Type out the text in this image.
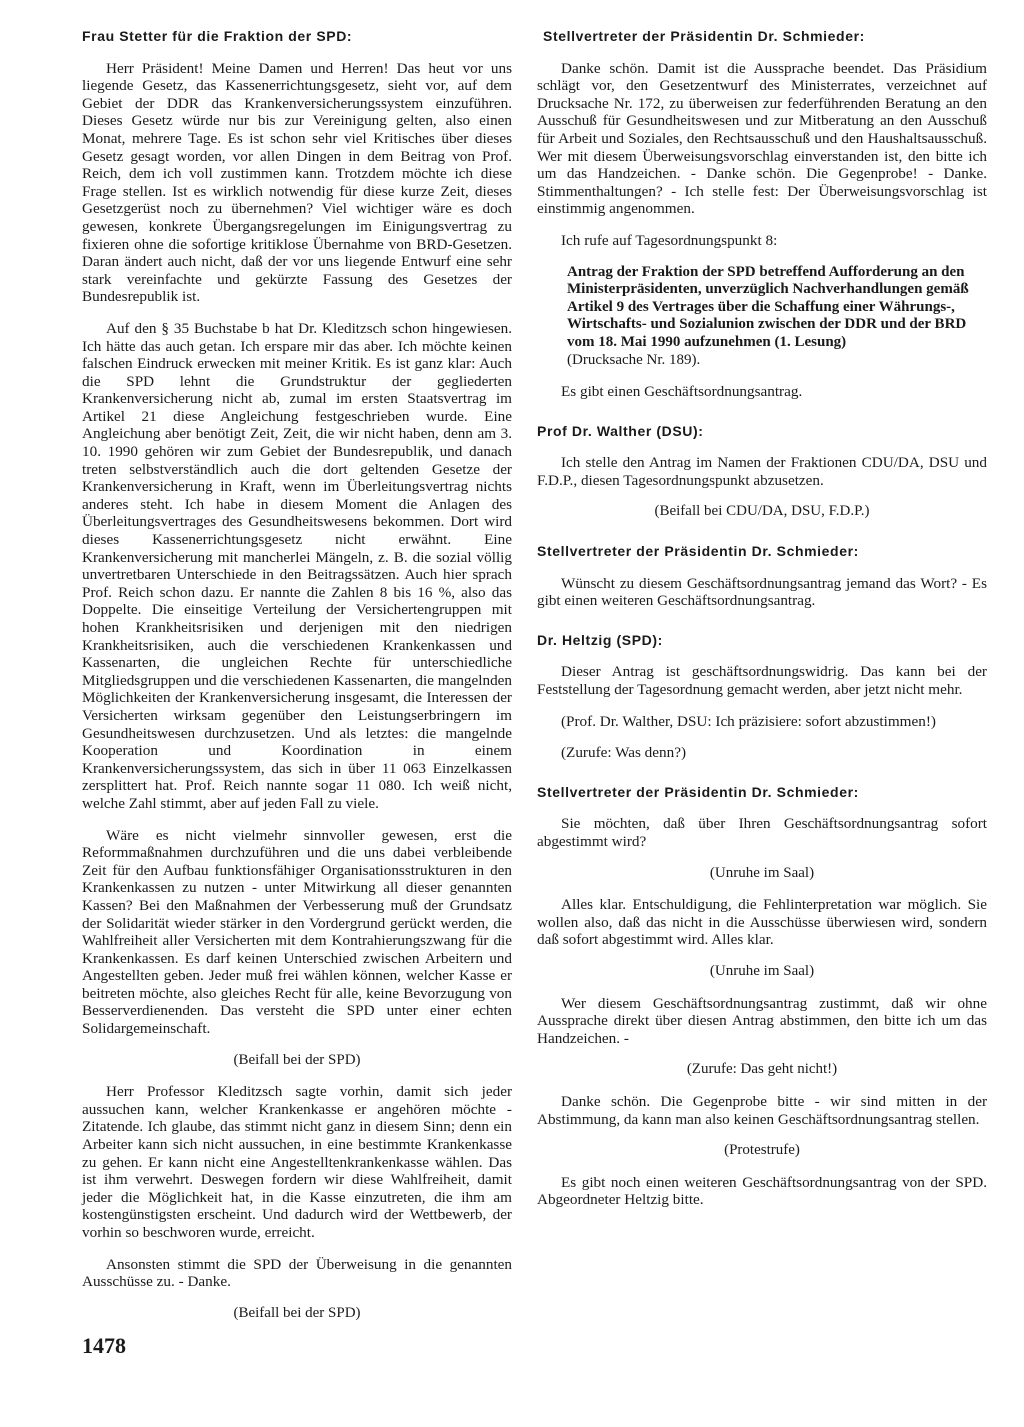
Frau Stetter für die Fraktion der SPD:

Herr Präsident! Meine Damen und Herren! Das heut vor uns liegende Gesetz, das Kassenerrichtungsgesetz, sieht vor, auf dem Gebiet der DDR das Krankenversicherungssystem einzuführen. Dieses Gesetz würde nur bis zur Vereinigung gelten, also einen Monat, mehrere Tage. Es ist schon sehr viel Kritisches über dieses Gesetz gesagt worden, vor allen Dingen in dem Beitrag von Prof. Reich, dem ich voll zustimmen kann. Trotzdem möchte ich diese Frage stellen. Ist es wirklich notwendig für diese kurze Zeit, dieses Gesetzgerüst noch zu übernehmen? Viel wichtiger wäre es doch gewesen, konkrete Übergangsregelungen im Einigungsvertrag zu fixieren ohne die sofortige kritiklose Übernahme von BRD-Gesetzen. Daran ändert auch nicht, daß der vor uns liegende Entwurf eine sehr stark vereinfachte und gekürzte Fassung des Gesetzes der Bundesrepublik ist.

Auf den § 35 Buchstabe b hat Dr. Kleditzsch schon hingewiesen. Ich hätte das auch getan. Ich erspare mir das aber. Ich möchte keinen falschen Eindruck erwecken mit meiner Kritik. Es ist ganz klar: Auch die SPD lehnt die Grundstruktur der gegliederten Krankenversicherung nicht ab, zumal im ersten Staatsvertrag im Artikel 21 diese Angleichung festgeschrieben wurde. Eine Angleichung aber benötigt Zeit, Zeit, die wir nicht haben, denn am 3. 10. 1990 gehören wir zum Gebiet der Bundesrepublik, und danach treten selbstverständlich auch die dort geltenden Gesetze der Krankenversicherung in Kraft, wenn im Überleitungsvertrag nichts anderes steht. Ich habe in diesem Moment die Anlagen des Überleitungsvertrages des Gesundheitswesens bekommen. Dort wird dieses Kassenerrichtungsgesetz nicht erwähnt. Eine Krankenversicherung mit mancherlei Mängeln, z. B. die sozial völlig unvertretbaren Unterschiede in den Beitragssätzen. Auch hier sprach Prof. Reich schon dazu. Er nannte die Zahlen 8 bis 16 %, also das Doppelte. Die einseitige Verteilung der Versichertengruppen mit hohen Krankheitsrisiken und derjenigen mit den niedrigen Krankheitsrisiken, auch die verschiedenen Krankenkassen und Kassenarten, die ungleichen Rechte für unterschiedliche Mitgliedsgruppen und die verschiedenen Kassenarten, die mangelnden Möglichkeiten der Krankenversicherung insgesamt, die Interessen der Versicherten wirksam gegenüber den Leistungserbringern im Gesundheitswesen durchzusetzen. Und als letztes: die mangelnde Kooperation und Koordination in einem Krankenversicherungssystem, das sich in über 11 063 Einzelkassen zersplittert hat. Prof. Reich nannte sogar 11 080. Ich weiß nicht, welche Zahl stimmt, aber auf jeden Fall zu viele.

Wäre es nicht vielmehr sinnvoller gewesen, erst die Reformmaßnahmen durchzuführen und die uns dabei verbleibende Zeit für den Aufbau funktionsfähiger Organisationsstrukturen in den Krankenkassen zu nutzen - unter Mitwirkung all dieser genannten Kassen? Bei den Maßnahmen der Verbesserung muß der Grundsatz der Solidarität wieder stärker in den Vordergrund gerückt werden, die Wahlfreiheit aller Versicherten mit dem Kontrahierungszwang für die Krankenkassen. Es darf keinen Unterschied zwischen Arbeitern und Angestellten geben. Jeder muß frei wählen können, welcher Kasse er beitreten möchte, also gleiches Recht für alle, keine Bevorzugung von Besserverdienenden. Das versteht die SPD unter einer echten Solidargemeinschaft.

(Beifall bei der SPD)

Herr Professor Kleditzsch sagte vorhin, damit sich jeder aussuchen kann, welcher Krankenkasse er angehören möchte - Zitatende. Ich glaube, das stimmt nicht ganz in diesem Sinn; denn ein Arbeiter kann sich nicht aussuchen, in eine bestimmte Krankenkasse zu gehen. Er kann nicht eine Angestelltenkrankenkasse wählen. Das ist ihm verwehrt. Deswegen fordern wir diese Wahlfreiheit, damit jeder die Möglichkeit hat, in die Kasse einzutreten, die ihm am kostengünstigsten erscheint. Und dadurch wird der Wettbewerb, der vorhin so beschworen wurde, erreicht.

Ansonsten stimmt die SPD der Überweisung in die genannten Ausschüsse zu. - Danke.

(Beifall bei der SPD)

Stellvertreter der Präsidentin Dr. Schmieder:

Danke schön. Damit ist die Aussprache beendet. Das Präsidium schlägt vor, den Gesetzentwurf des Ministerrates, verzeichnet auf Drucksache Nr. 172, zu überweisen zur federführenden Beratung an den Ausschuß für Gesundheitswesen und zur Mitberatung an den Ausschuß für Arbeit und Soziales, den Rechtsausschuß und den Haushaltsausschuß. Wer mit diesem Überweisungsvorschlag einverstanden ist, den bitte ich um das Handzeichen. - Danke schön. Die Gegenprobe! - Danke. Stimmenthaltungen? - Ich stelle fest: Der Überweisungsvorschlag ist einstimmig angenommen.

Ich rufe auf Tagesordnungspunkt 8:

Antrag der Fraktion der SPD betreffend Aufforderung an den Ministerpräsidenten, unverzüglich Nachverhandlungen gemäß Artikel 9 des Vertrages über die Schaffung einer Währungs-, Wirtschafts- und Sozialunion zwischen der DDR und der BRD vom 18. Mai 1990 aufzunehmen (1. Lesung)
(Drucksache Nr. 189).

Es gibt einen Geschäftsordnungsantrag.

Prof Dr. Walther (DSU):

Ich stelle den Antrag im Namen der Fraktionen CDU/DA, DSU und F.D.P., diesen Tagesordnungspunkt abzusetzen.

(Beifall bei CDU/DA, DSU, F.D.P.)

Stellvertreter der Präsidentin Dr. Schmieder:

Wünscht zu diesem Geschäftsordnungsantrag jemand das Wort? - Es gibt einen weiteren Geschäftsordnungsantrag.

Dr. Heltzig (SPD):

Dieser Antrag ist geschäftsordnungswidrig. Das kann bei der Feststellung der Tagesordnung gemacht werden, aber jetzt nicht mehr.

(Prof. Dr. Walther, DSU: Ich präzisiere: sofort abzustimmen!)

(Zurufe: Was denn?)

Stellvertreter der Präsidentin Dr. Schmieder:

Sie möchten, daß über Ihren Geschäftsordnungsantrag sofort abgestimmt wird?

(Unruhe im Saal)

Alles klar. Entschuldigung, die Fehlinterpretation war möglich. Sie wollen also, daß das nicht in die Ausschüsse überwiesen wird, sondern daß sofort abgestimmt wird. Alles klar.

(Unruhe im Saal)

Wer diesem Geschäftsordnungsantrag zustimmt, daß wir ohne Aussprache direkt über diesen Antrag abstimmen, den bitte ich um das Handzeichen. -

(Zurufe: Das geht nicht!)

Danke schön. Die Gegenprobe bitte - wir sind mitten in der Abstimmung, da kann man also keinen Geschäftsordnungsantrag stellen.

(Protestrufe)

Es gibt noch einen weiteren Geschäftsordnungsantrag von der SPD. Abgeordneter Heltzig bitte.

1478
